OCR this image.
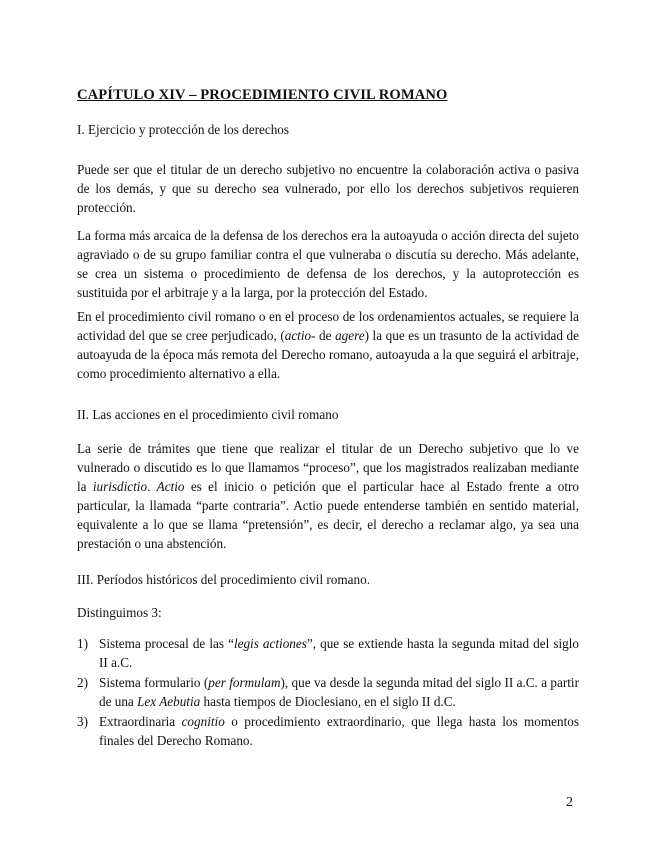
CAPÍTULO XIV – PROCEDIMIENTO CIVIL ROMANO
I. Ejercicio y protección de los derechos
Puede ser que el titular de un derecho subjetivo no encuentre la colaboración activa o pasiva de los demás, y que su derecho sea vulnerado, por ello los derechos subjetivos requieren protección.
La forma más arcaica de la defensa de los derechos era la autoayuda o acción directa del sujeto agraviado o de su grupo familiar contra el que vulneraba o discutía su derecho. Más adelante, se crea un sistema o procedimiento de defensa de los derechos, y la autoprotección es sustituida por el arbitraje y a la larga, por la protección del Estado.
En el procedimiento civil romano o en el proceso de los ordenamientos actuales, se requiere la actividad del que se cree perjudicado, (actio- de agere) la que es un trasunto de la actividad de autoayuda de la época más remota del Derecho romano, autoayuda a la que seguirá el arbitraje, como procedimiento alternativo a ella.
II. Las acciones en el procedimiento civil romano
La serie de trámites que tiene que realizar el titular de un Derecho subjetivo que lo ve vulnerado o discutido es lo que llamamos “proceso”, que los magistrados realizaban mediante la iurisdictio. Actio es el inicio o petición que el particular hace al Estado frente a otro particular, la llamada “parte contraria”. Actio puede entenderse también en sentido material, equivalente a lo que se llama “pretensión”, es decir, el derecho a reclamar algo, ya sea una prestación o una abstención.
III. Períodos históricos del procedimiento civil romano.
Distinguimos 3:
1) Sistema procesal de las “legis actiones”, que se extiende hasta la segunda mitad del siglo II a.C.
2) Sistema formulario (per formulam), que va desde la segunda mitad del siglo II a.C. a partir de una Lex Aebutia hasta tiempos de Dioclesiano, en el siglo II d.C.
3) Extraordinaria cognitio o procedimiento extraordinario, que llega hasta los momentos finales del Derecho Romano.
2
